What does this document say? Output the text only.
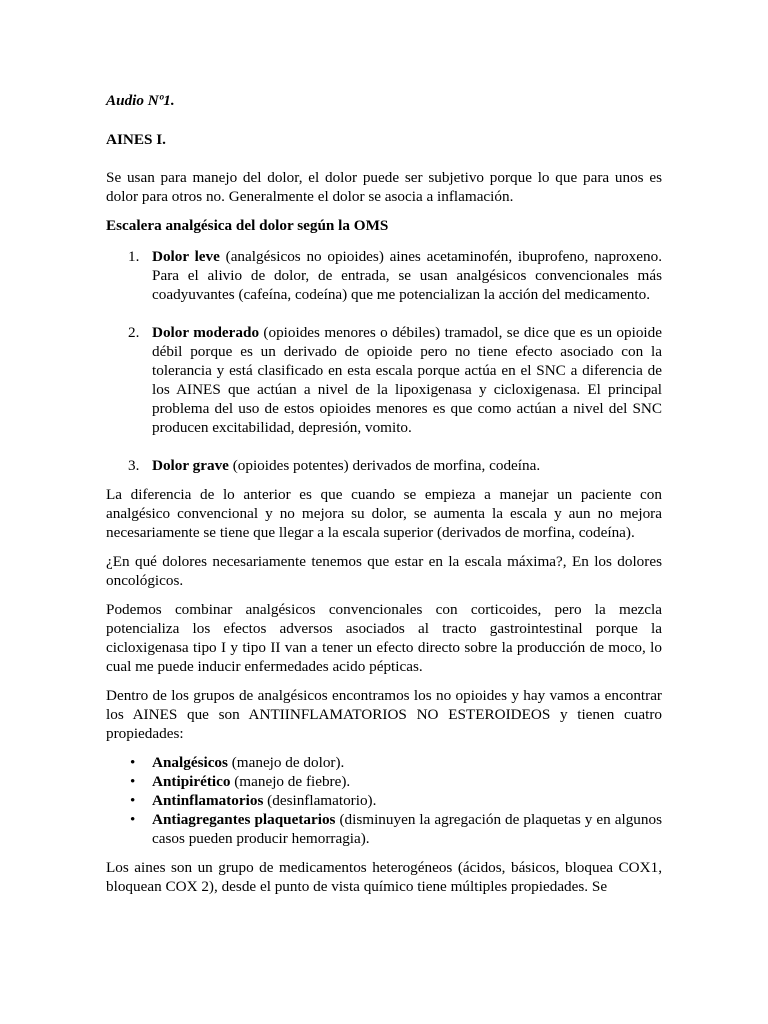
Audio Nº1.

AINES I.

Se usan para manejo del dolor, el dolor puede ser subjetivo porque lo que para unos es dolor para otros no. Generalmente el dolor se asocia a inflamación.

Escalera analgésica del dolor según la OMS

1. Dolor leve (analgésicos no opioides) aines acetaminofén, ibuprofeno, naproxeno. Para el alivio de dolor, de entrada, se usan analgésicos convencionales más coadyuvantes (cafeína, codeína) que me potencializan la acción del medicamento.
2. Dolor moderado (opioides menores o débiles) tramadol, se dice que es un opioide débil porque es un derivado de opioide pero no tiene efecto asociado con la tolerancia y está clasificado en esta escala porque actúa en el SNC a diferencia de los AINES que actúan a nivel de la lipoxigenasa y cicloxigenasa. El principal problema del uso de estos opioides menores es que como actúan a nivel del SNC producen excitabilidad, depresión, vomito.
3. Dolor grave (opioides potentes) derivados de morfina, codeína.

La diferencia de lo anterior es que cuando se empieza a manejar un paciente con analgésico convencional y no mejora su dolor, se aumenta la escala y aun no mejora necesariamente se tiene que llegar a la escala superior (derivados de morfina, codeína).

¿En qué dolores necesariamente tenemos que estar en la escala máxima?, En los dolores oncológicos.

Podemos combinar analgésicos convencionales con corticoides, pero la mezcla potencializa los efectos adversos asociados al tracto gastrointestinal porque la cicloxigenasa tipo I y tipo II van a tener un efecto directo sobre la producción de moco, lo cual me puede inducir enfermedades acido pépticas.

Dentro de los grupos de analgésicos encontramos los no opioides y hay vamos a encontrar los AINES que son ANTIINFLAMATORIOS NO ESTEROIDEOS y tienen cuatro propiedades:

• Analgésicos (manejo de dolor).
• Antipirético (manejo de fiebre).
• Antinflamatorios (desinflamatorio).
• Antiagregantes plaquetarios (disminuyen la agregación de plaquetas y en algunos casos pueden producir hemorragia).

Los aines son un grupo de medicamentos heterogéneos (ácidos, básicos, bloquea COX1, bloquean COX 2), desde el punto de vista químico tiene múltiples propiedades. Se
